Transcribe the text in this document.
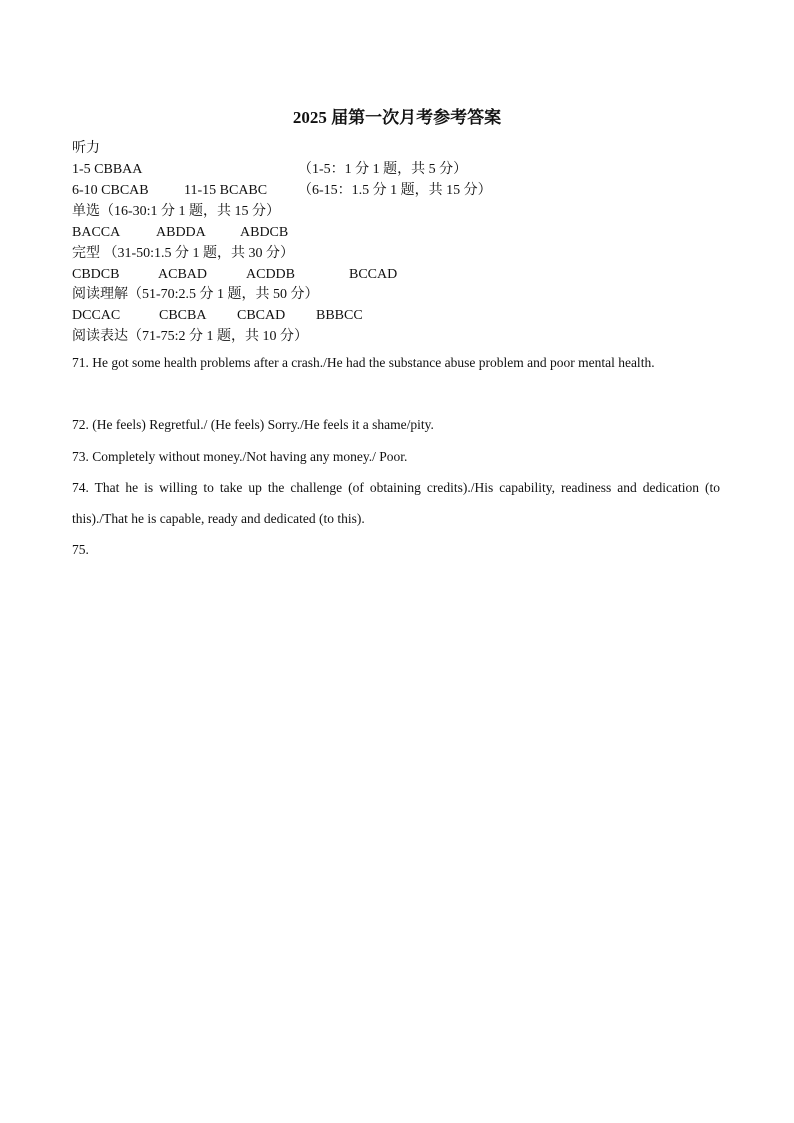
2025 届第一次月考参考答案
听力
1-5 CBBAA	（1-5：1 分 1 题，共 5 分）
6-10 CBCAB	11-15 BCABC （6-15：1.5 分 1 题，共 15 分）
单选（16-30:1 分 1 题，共 15 分）
BACCA	ABDDA ABDCB
完型 （31-50:1.5 分 1 题，共 30 分）
CBDCB	ACBAD	ACDDB	BCCAD
阅读理解（51-70:2.5 分 1 题，共 50 分）
DCCAC	CBCBA CBCAD BBBCC
阅读表达（71-75:2 分 1 题，共 10 分）
71. He got some health problems after a crash./He had the substance abuse problem and poor mental health.
72. (He feels) Regretful./ (He feels) Sorry./He feels it a shame/pity.
73. Completely without money./Not having any money./ Poor.
74. That he is willing to take up the challenge (of obtaining credits)./His capability, readiness and dedication (to this)./That he is capable, ready and dedicated (to this).
75.
